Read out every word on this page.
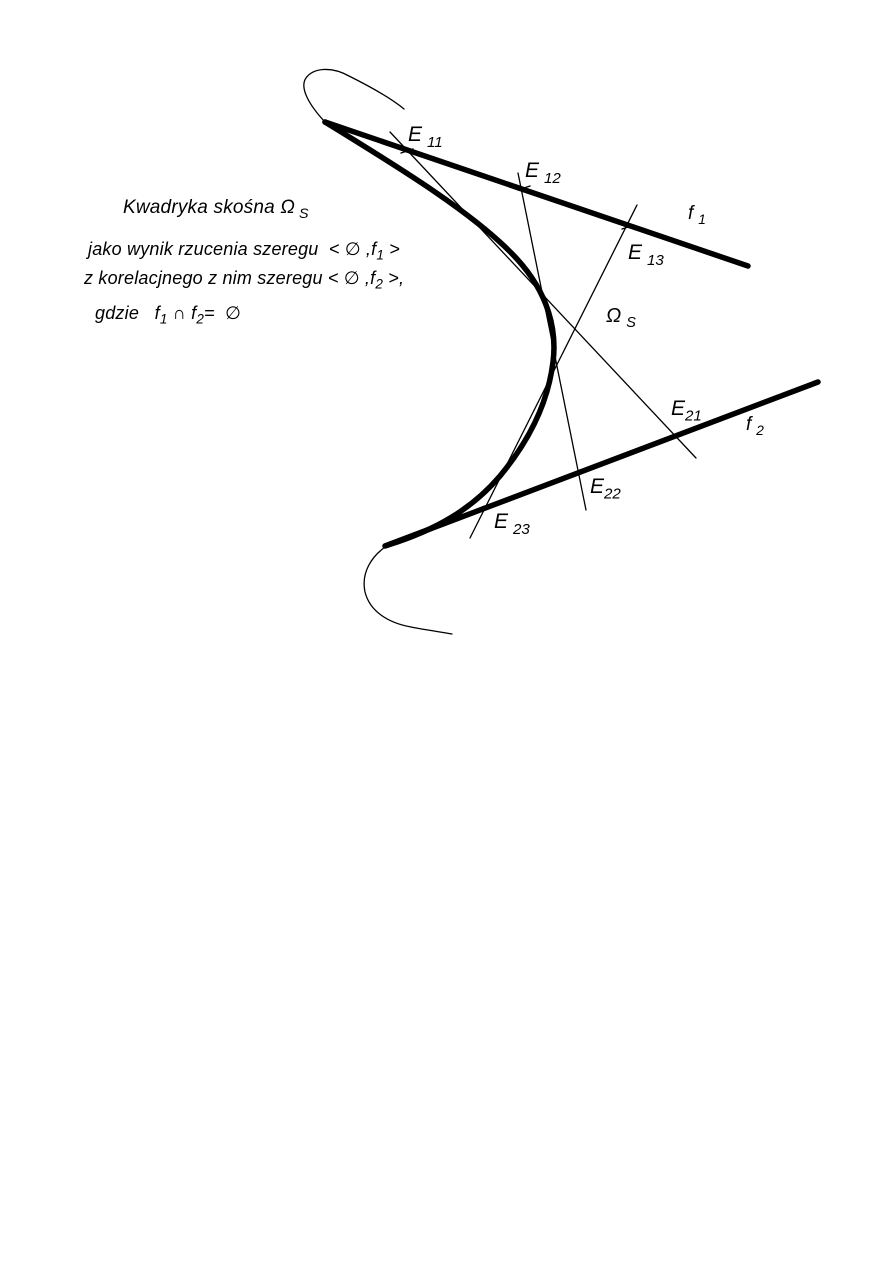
Kwadryka skośna Ω $_S$
jako wynik rzucenia szeregu  < ∅ $,f_1$ >
z korelacjnego z nim szeregu < ∅ $,f_2$ >,
gdzie   $f_1$ ∩ $f_2=$  ∅
E $_{11}$
E $_{12}$
E $_{13}$
f $_1$
Ω $_S$
$E_{21}$ f $_2$
$E_{22}$
E $_{23}$
